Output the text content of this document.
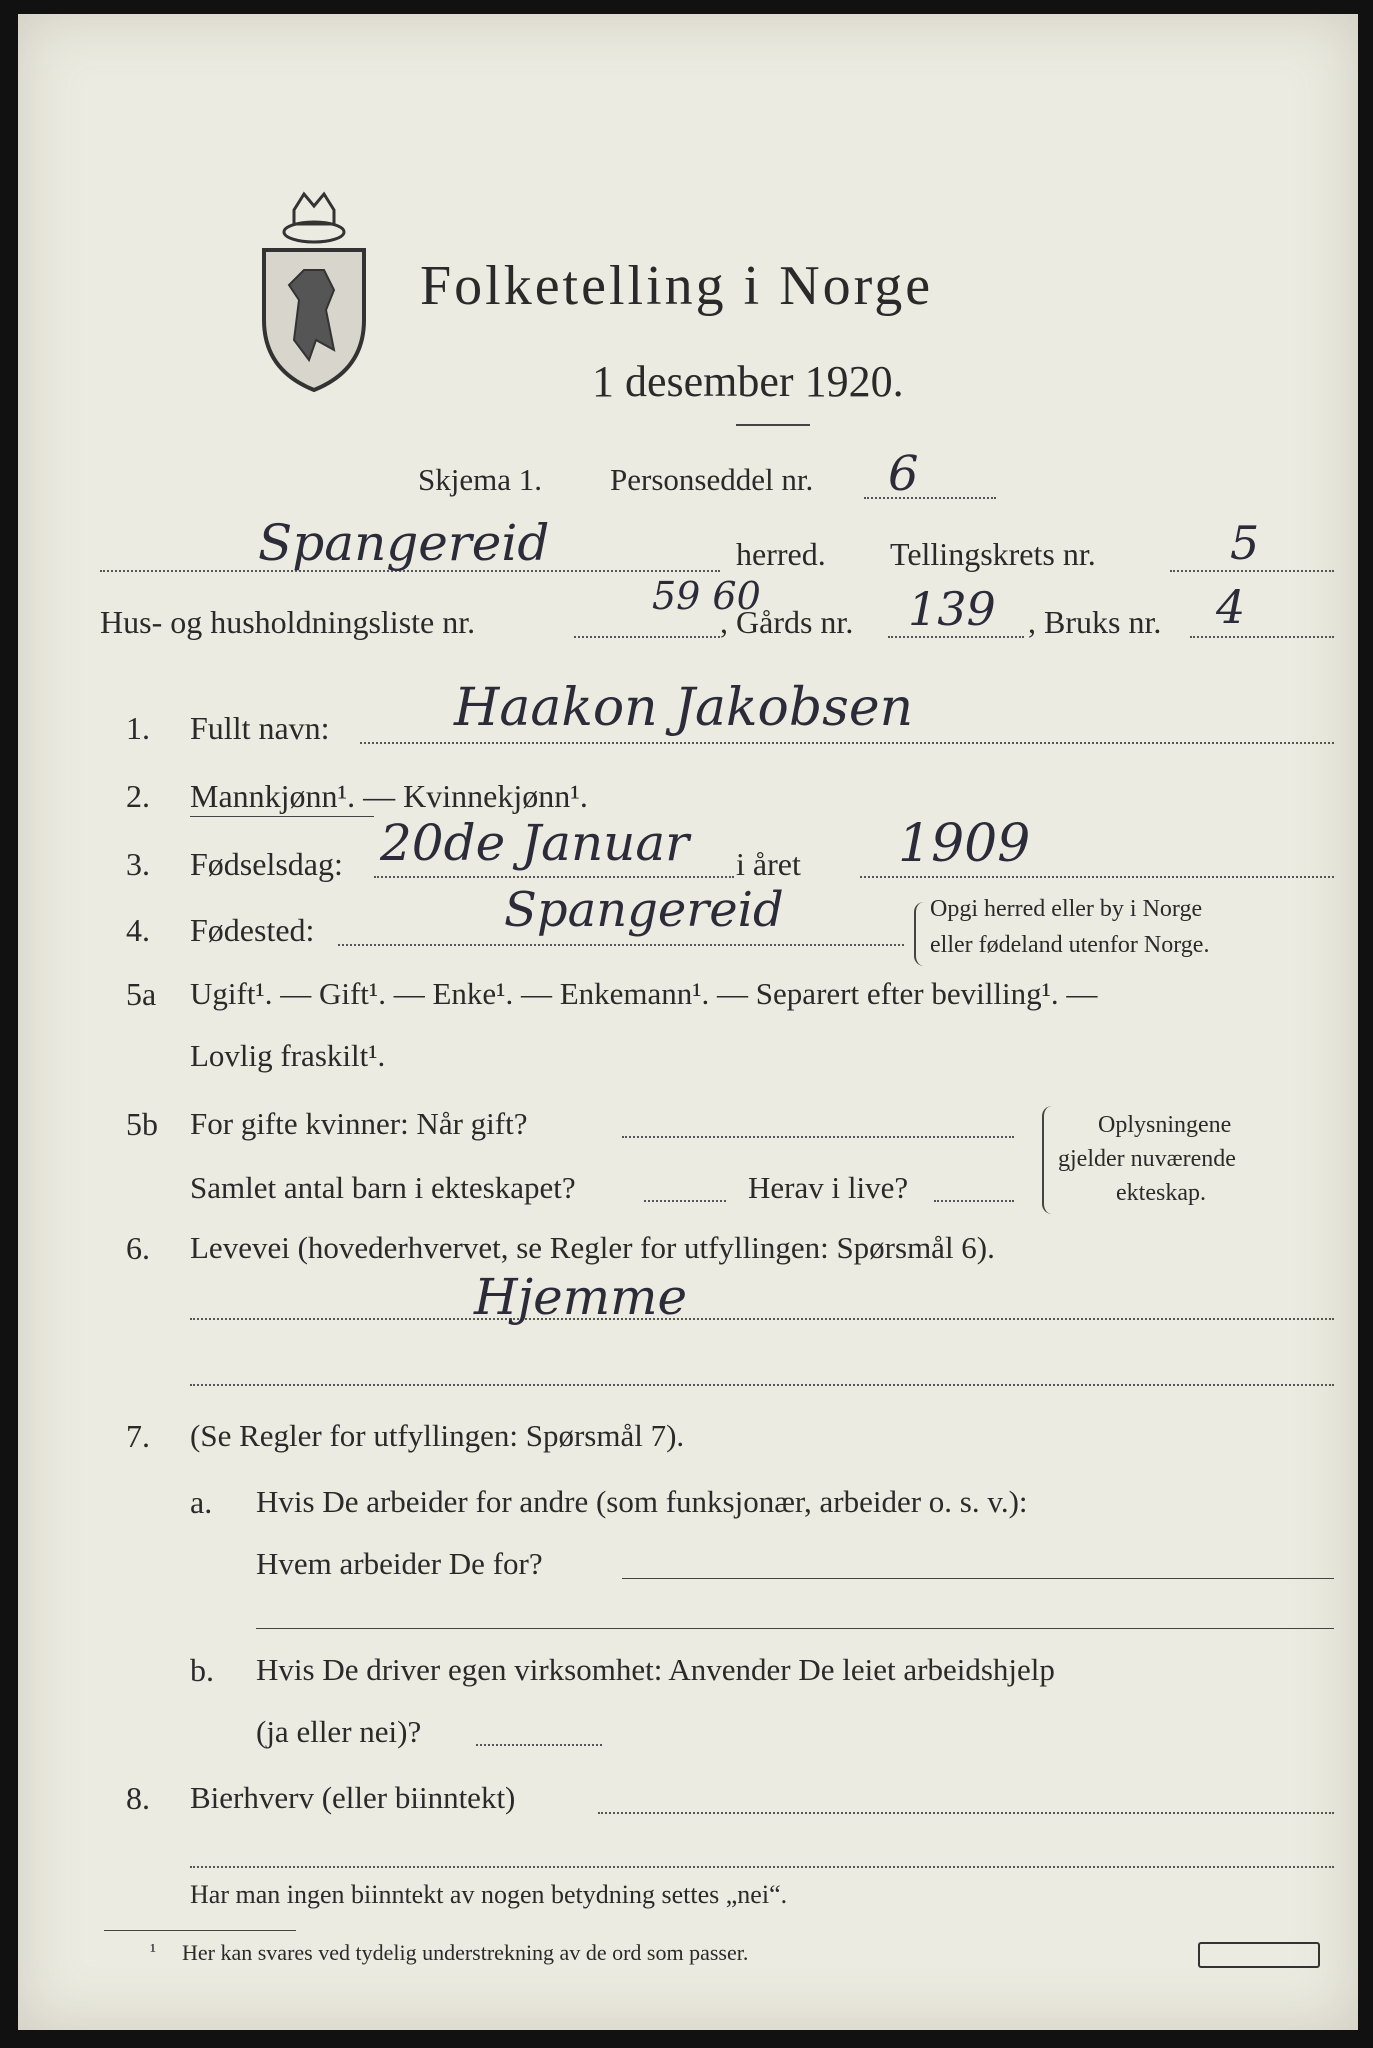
Folketelling i Norge
1 desember 1920.
Skjema 1. Personseddel nr. 6
Spangereid	herred. Tellingskrets nr.	5
Hus- og husholdningsliste nr.
59 60
, Gårds nr. 139 , Bruks nr. 4
1. Fullt navn: Haakon Jakobsen
2. Mannkjønn¹. — Kvinnekjønn¹.
3. Fødselsdag: 20de Januar i året 1909
4. Fødested:	Spangereid	Opgi herred eller by i Norge
eller fødeland utenfor Norge.
5a Ugift¹. — Gift¹. — Enke¹. — Enkemann¹. — Separert efter bevilling¹. —
Lovlig fraskilt¹.
5b For gifte kvinner: Når gift?
Samlet antal barn i ekteskapet?	Herav i live?
Oplysningene
gjelder nuværende
ekteskap.
6. Levevei (hovederhvervet, se Regler for utfyllingen: Spørsmål 6).
Hjemme
7. (Se Regler for utfyllingen: Spørsmål 7).
a. Hvis De arbeider for andre (som funksjonær, arbeider o. s. v.):
Hvem arbeider De for?
b. Hvis De driver egen virksomhet: Anvender De leiet arbeidshjelp
(ja eller nei)?
8. Bierhverv (eller biinntekt)
Har man ingen biinntekt av nogen betydning settes „nei“.
¹ Her kan svares ved tydelig understrekning av de ord som passer.
